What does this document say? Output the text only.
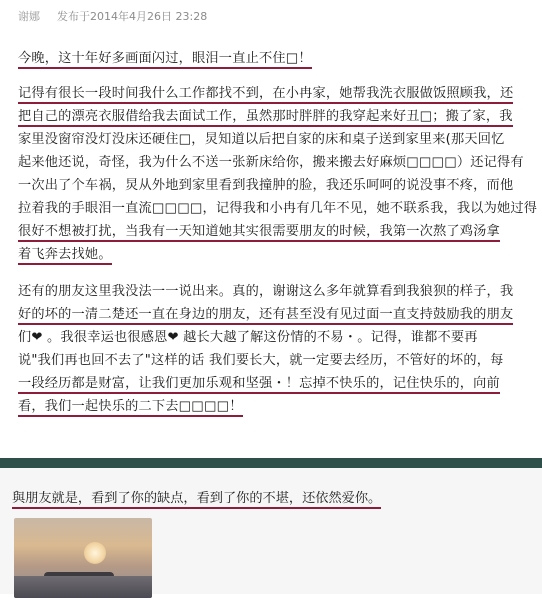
谢娜 发布于2014年4月26日 23:28
今晚，这十年好多画面闪过，眼泪一直止不住□！
记得有很长一段时间我什么工作都找不到，在小冉家，她帮我洗衣服做饭照顾我，还
把自己的漂亮衣服借给我去面试工作，虽然那时胖胖的我穿起来好丑□；搬了家，我
家里没窗帘没灯没床还硬住□，炅知道以后把自家的床和桌子送到家里来(那天回忆
起来他还说，奇怪，我为什么不送一张新床给你，搬来搬去好麻烦□□□□）还记得有
一次出了个车祸，炅从外地到家里看到我撞肿的脸，我还乐呵呵的说没事不疼，而他
拉着我的手眼泪一直流□□□□，记得我和小冉有几年不见，她不联系我，我以为她过得
很好不想被打扰，当我有一天知道她其实很需要朋友的时候，我第一次熬了鸡汤拿
着飞奔去找她。
还有的朋友这里我没法一一说出来。真的，谢谢这么多年就算看到我狼狈的样子，我
好的坏的一清二楚还一直在身边的朋友，还有甚至没有见过面一直支持鼓励我的朋友
们❤ 。我很幸运也很感恩❤ 越长大越了解这份情的不易・。记得，谁都不要再
说"我们再也回不去了"这样的话 我们要长大，就一定要去经历，不管好的坏的，每
一段经历都是财富，让我们更加乐观和坚强・！忘掉不快乐的，记住快乐的，向前
看，我们一起快乐的二下去□□□□！
與朋友就是，看到了你的缺点，看到了你的不堪，还依然爱你。
